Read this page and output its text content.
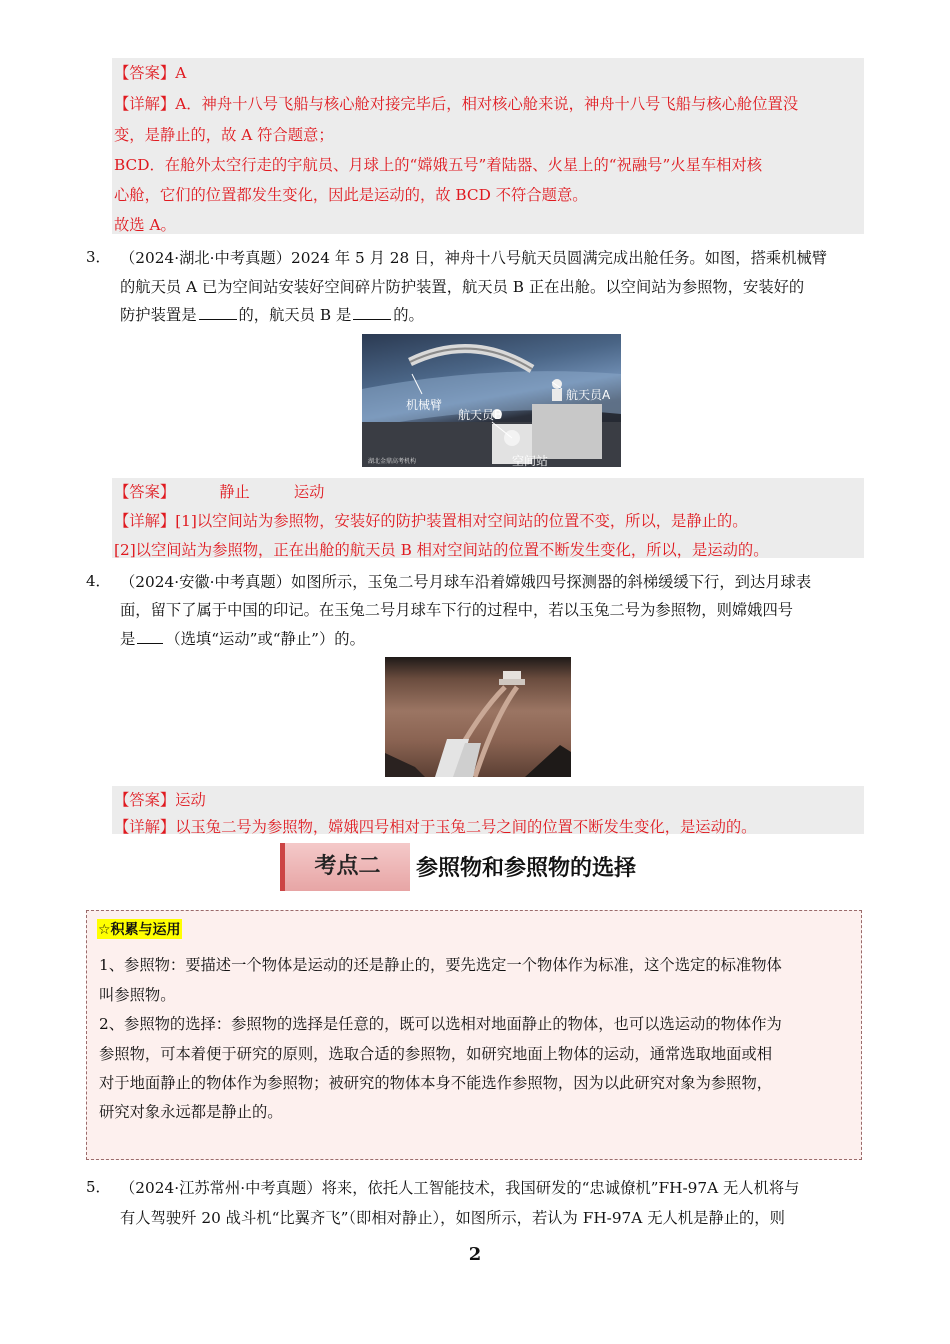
【答案】A
【详解】A．神舟十八号飞船与核心舱对接完毕后，相对核心舱来说，神舟十八号飞船与核心舱位置没
变，是静止的，故 A 符合题意；
BCD．在舱外太空行走的宇航员、月球上的“嫦娥五号”着陆器、火星上的“祝融号”火星车相对核
心舱，它们的位置都发生变化，因此是运动的，故 BCD 不符合题意。
故选 A。
3． （2024·湖北·中考真题）2024 年 5 月 28 日，神舟十八号航天员圆满完成出舱任务。如图，搭乘机械臂
的航天员 A 已为空间站安装好空间碎片防护装置，航天员 B 正在出舱。以空间站为参照物，安装好的
防护装置是	的，航天员 B 是	的。
机械臂
航天员A
航天员B
空间站
湖北金鼎高考机构
【答案】	静止	运动
【详解】[1]以空间站为参照物，安装好的防护装置相对空间站的位置不变，所以，是静止的。
[2]以空间站为参照物，正在出舱的航天员 B 相对空间站的位置不断发生变化，所以，是运动的。
4． （2024·安徽·中考真题）如图所示，玉兔二号月球车沿着嫦娥四号探测器的斜梯缓缓下行，到达月球表
面，留下了属于中国的印记。在玉兔二号月球车下行的过程中，若以玉兔二号为参照物，则嫦娥四号
是 （选填“运动”或“静止”）的。
【答案】运动
【详解】以玉兔二号为参照物，嫦娥四号相对于玉兔二号之间的位置不断发生变化，是运动的。
考点二	参照物和参照物的选择
☆积累与运用
1、参照物：要描述一个物体是运动的还是静止的，要先选定一个物体作为标准，这个选定的标准物体
叫参照物。
2、参照物的选择：参照物的选择是任意的，既可以选相对地面静止的物体，也可以选运动的物体作为
参照物，可本着便于研究的原则，选取合适的参照物，如研究地面上物体的运动，通常选取地面或相
对于地面静止的物体作为参照物；被研究的物体本身不能选作参照物，因为以此研究对象为参照物，
研究对象永远都是静止的。
5． （2024·江苏常州·中考真题）将来，依托人工智能技术，我国研发的“忠诚僚机”FH-97A 无人机将与
有人驾驶歼 20 战斗机“比翼齐飞”（即相对静止），如图所示，若认为 FH-97A 无人机是静止的，则
2
